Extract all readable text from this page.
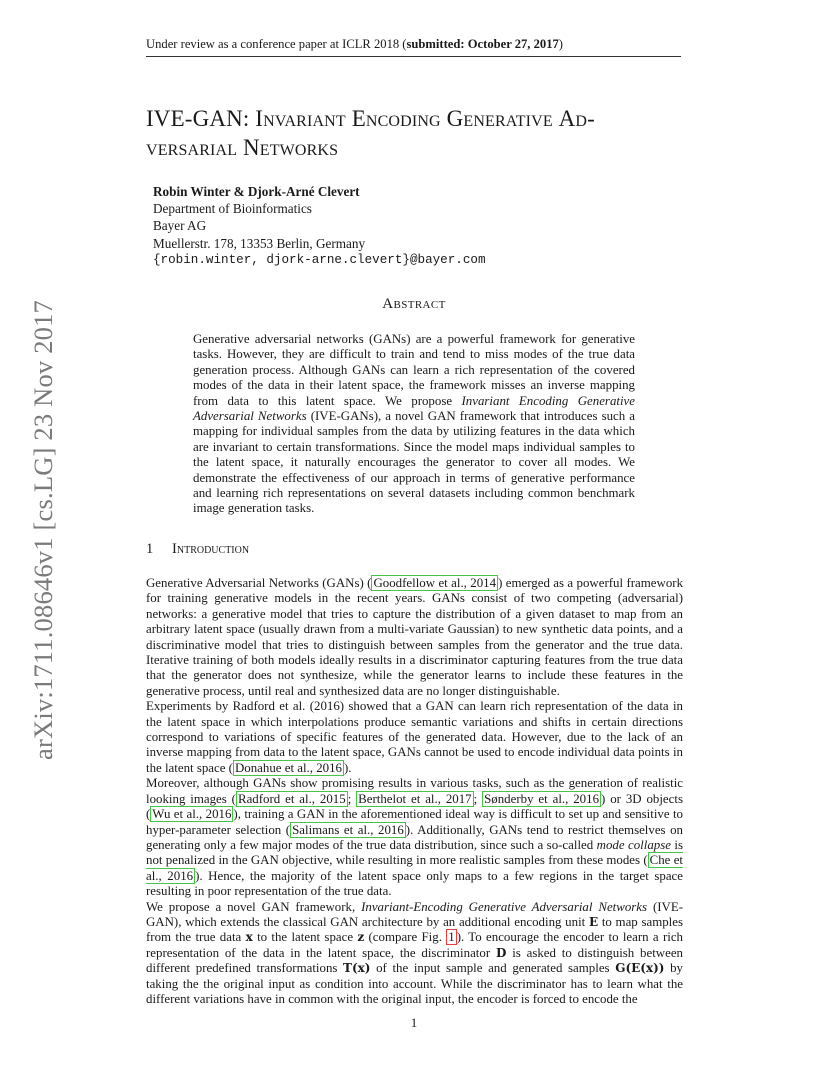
Under review as a conference paper at ICLR 2018 (submitted: October 27, 2017)
arXiv:1711.08646v1 [cs.LG] 23 Nov 2017
IVE-GAN: Invariant Encoding Generative Ad-
versarial Networks
Robin Winter & Djork-Arné Clevert
Department of Bioinformatics
Bayer AG
Muellerstr. 178, 13353 Berlin, Germany
{robin.winter, djork-arne.clevert}@bayer.com
Abstract
Generative adversarial networks (GANs) are a powerful framework for generative tasks. However, they are difficult to train and tend to miss modes of the true data generation process. Although GANs can learn a rich representation of the covered modes of the data in their latent space, the framework misses an inverse mapping from data to this latent space. We propose Invariant Encoding Generative Adversarial Networks (IVE-GANs), a novel GAN framework that introduces such a mapping for individual samples from the data by utilizing features in the data which are invariant to certain transformations. Since the model maps individual samples to the latent space, it naturally encourages the generator to cover all modes. We demonstrate the effectiveness of our approach in terms of generative performance and learning rich representations on several datasets including common benchmark image generation tasks.
1 Introduction

Generative Adversarial Networks (GANs) ( Goodfellow et al., 2014 ) emerged as a powerful framework for training generative models in the recent years. GANs consist of two competing (adversarial) networks: a generative model that tries to capture the distribution of a given dataset to map from an arbitrary latent space (usually drawn from a multi-variate Gaussian) to new synthetic data points, and a discriminative model that tries to distinguish between samples from the generator and the true data. Iterative training of both models ideally results in a discriminator capturing features from the true data that the generator does not synthesize, while the generator learns to include these features in the generative process, until real and synthesized data are no longer distinguishable.

Experiments by Radford et al. (2016) showed that a GAN can learn rich representation of the data in the latent space in which interpolations produce semantic variations and shifts in certain directions correspond to variations of specific features of the generated data. However, due to the lack of an inverse mapping from data to the latent space, GANs cannot be used to encode individual data points in the latent space ( Donahue et al., 2016 ).

Moreover, although GANs show promising results in various tasks, such as the generation of realistic looking images ( Radford et al., 2015 ; Berthelot et al., 2017 ; Sønderby et al., 2016 ) or 3D objects ( Wu et al., 2016 ), training a GAN in the aforementioned ideal way is difficult to set up and sensitive to hyper-parameter selection ( Salimans et al., 2016 ). Additionally, GANs tend to restrict themselves on generating only a few major modes of the true data distribution, since such a so-called mode collapse is not penalized in the GAN objective, while resulting in more realistic samples from these modes ( Che et al., 2016 ). Hence, the majority of the latent space only maps to a few regions in the target space resulting in poor representation of the true data.

We propose a novel GAN framework, Invariant-Encoding Generative Adversarial Networks (IVE-GAN), which extends the classical GAN architecture by an additional encoding unit E to map samples from the true data x to the latent space z (compare Fig. 1 ). To encourage the encoder to learn a rich representation of the data in the latent space, the discriminator D is asked to distinguish between different predefined transformations T(x) of the input sample and generated samples G(E(x)) by taking the the original input as condition into account. While the discriminator has to learn what the different variations have in common with the original input, the encoder is forced to encode the

1
